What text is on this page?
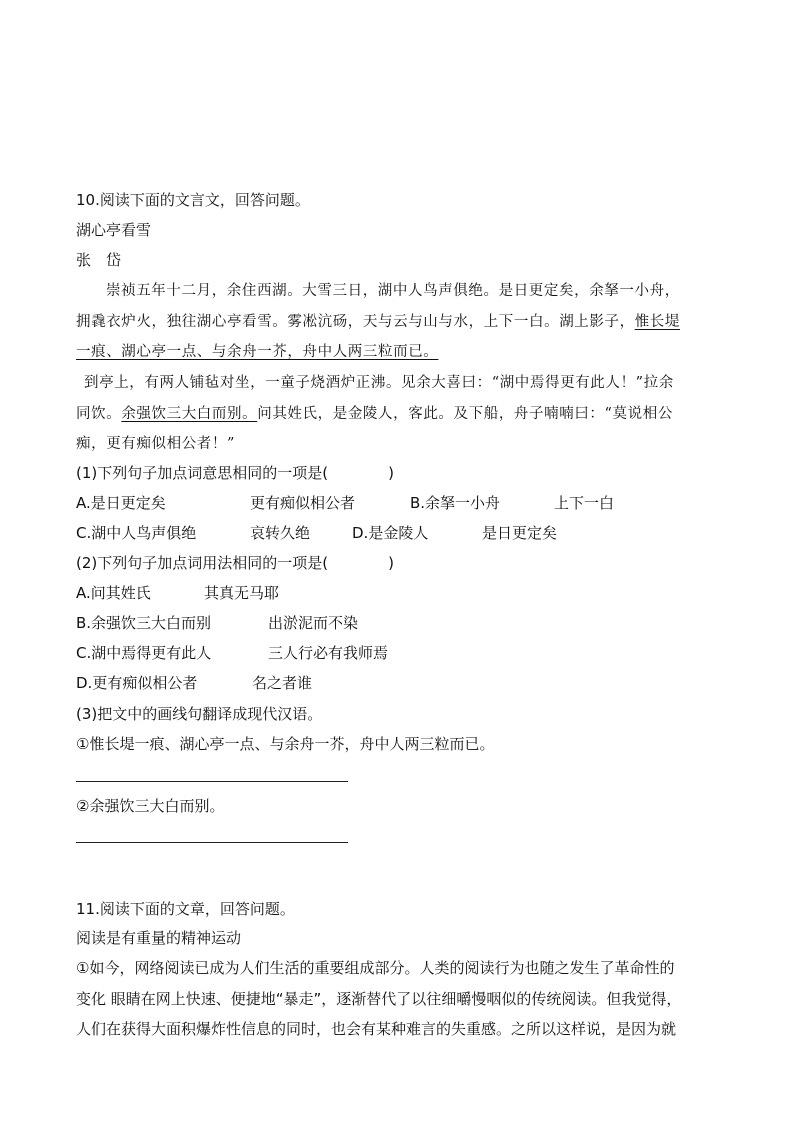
10.阅读下面的文言文，回答问题。
湖心亭看雪
张　岱
崇祯五年十二月，余住西湖。大雪三日，湖中人鸟声俱绝。是日更定矣，余拏一小舟，
拥毳衣炉火，独往湖心亭看雪。雾凇沆砀，天与云与山与水，上下一白。湖上影子，惟长堤
一痕、湖心亭一点、与余舟一芥，舟中人两三粒而已。
到亭上，有两人铺毡对坐，一童子烧酒炉正沸。见余大喜曰：“湖中焉得更有此人！”拉余
同饮。余强饮三大白而别。问其姓氏，是金陵人，客此。及下船，舟子喃喃曰：“莫说相公
痴，更有痴似相公者！”
(1)下列句子加点词意思相同的一项是(　　　　)
A.是日更定矣	更有痴似相公者	B.余拏一小舟	上下一白
C.湖中人鸟声俱绝	哀转久绝	D.是金陵人	是日更定矣
(2)下列句子加点词用法相同的一项是(　　　　)
A.问其姓氏	其真无马耶
B.余强饮三大白而别	出淤泥而不染
C.湖中焉得更有此人	三人行必有我师焉
D.更有痴似相公者	名之者谁
(3)把文中的画线句翻译成现代汉语。
①惟长堤一痕、湖心亭一点、与余舟一芥，舟中人两三粒而已。
②余强饮三大白而别。
11.阅读下面的文章，回答问题。
阅读是有重量的精神运动
①如今，网络阅读已成为人们生活的重要组成部分。人类的阅读行为也随之发生了革命性的
变化 眼睛在网上快速、便捷地“暴走”，逐渐替代了以往细嚼慢咽似的传统阅读。但我觉得，
人们在获得大面积爆炸性信息的同时，也会有某种难言的失重感。之所以这样说，是因为就
